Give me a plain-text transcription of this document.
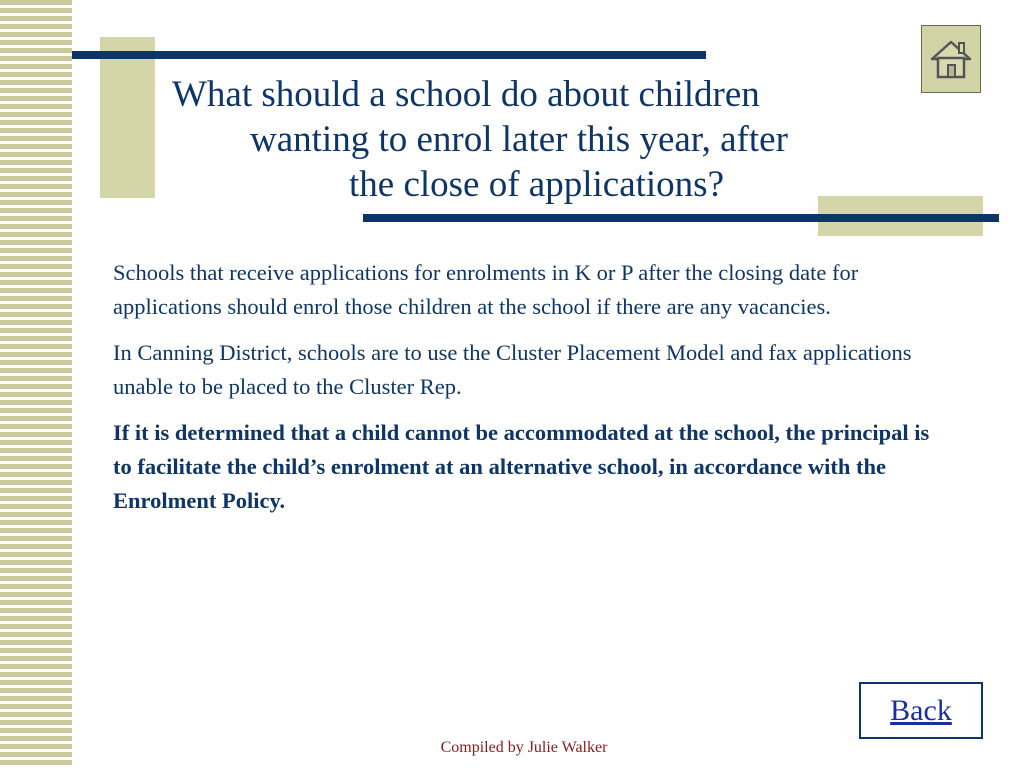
What should a school do about children
wanting to enrol later this year, after
the close of applications?

Schools that receive applications for enrolments in K or P after the closing date for applications should enrol those children at the school if there are any vacancies.

In Canning District, schools are to use the Cluster Placement Model and fax applications unable to be placed to the Cluster Rep.

If it is determined that a child cannot be accommodated at the school, the principal is to facilitate the child’s enrolment at an alternative school, in accordance with the Enrolment Policy.

Back
Compiled by Julie Walker
